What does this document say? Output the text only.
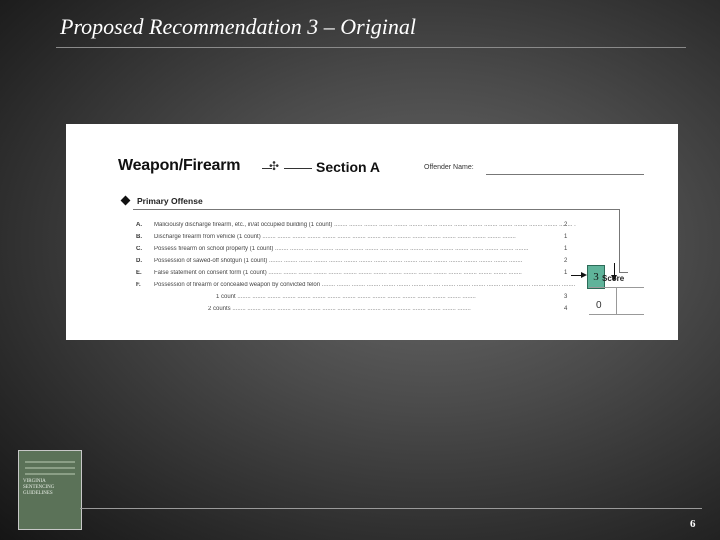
Proposed Recommendation 3 – Original
Weapon/Firearm ✣	Section A	Offender Name:
Primary Offense
A. Maliciously discharge firearm, etc., in/at occupied building (1 count) .....	2
B. Discharge firearm from vehicle (1 count) .....	1
C. Possess firearm on school property (1 count) .....	1
D. Possession of sawed-off shotgun (1 count) .....	2
E. False statement on consent form (1 count) .....	1
F. Possession of firearm or concealed weapon by convicted felon .....
1 count .....	3
2 counts .....	4
3 Score
0
VIRGINIA SENTENCING GUIDELINES
6
